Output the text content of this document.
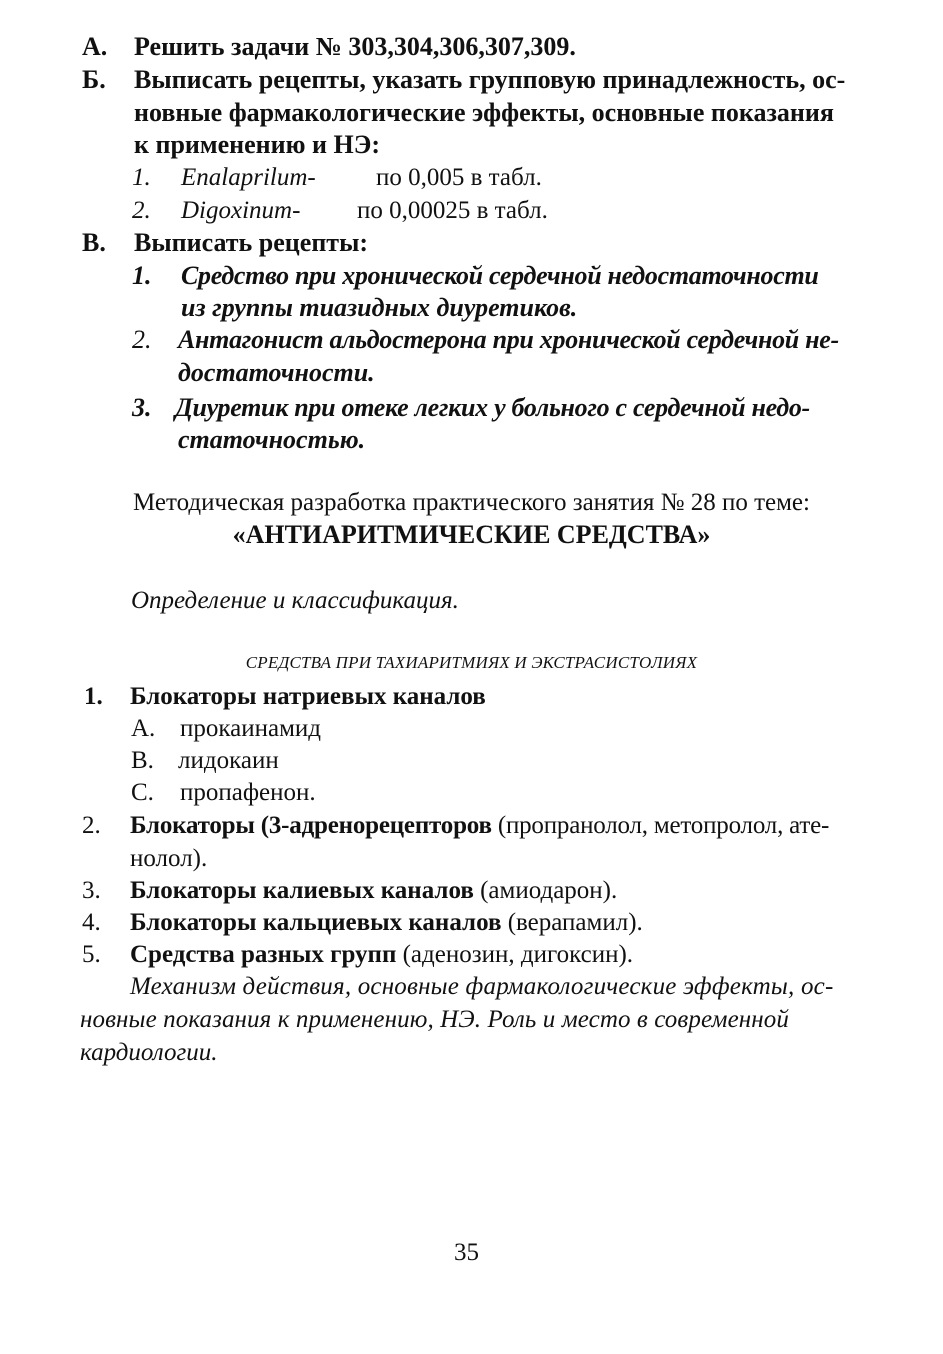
А. Решить задачи № 303,304,306,307,309.
Б. Выписать рецепты, указать групповую принадлежность, ос-
новные фармакологические эффекты, основные показания
к применению и НЭ:
1. Enalaprilum- по 0,005 в табл.
2. Digoxinum- по 0,00025 в табл.
В. Выписать рецепты:
1. Средство при хронической сердечной недостаточности
из группы тиазидных диуретиков.
2. Антагонист альдостерона при хронической сердечной не-
достаточности.
3. Диуретик при отеке легких у больного с сердечной недо-
статочностью.
Методическая разработка практического занятия № 28 по теме:
«АНТИАРИТМИЧЕСКИЕ СРЕДСТВА»
Определение и классификация.
СРЕДСТВА ПРИ ТАХИАРИТМИЯХ И ЭКСТРАСИСТОЛИЯХ
1. Блокаторы натриевых каналов
A. прокаинамид
B. лидокаин
C. пропафенон.
2. Блокаторы (3-адренорецепторов (пропранолол, метопролол, ате-
нолол).
3. Блокаторы калиевых каналов (амиодарон).
4. Блокаторы кальциевых каналов (верапамил).
5. Средства разных групп (аденозин, дигоксин).
Механизм действия, основные фармакологические эффекты, ос-
новные показания к применению, НЭ. Роль и место в современной
кардиологии.
35
